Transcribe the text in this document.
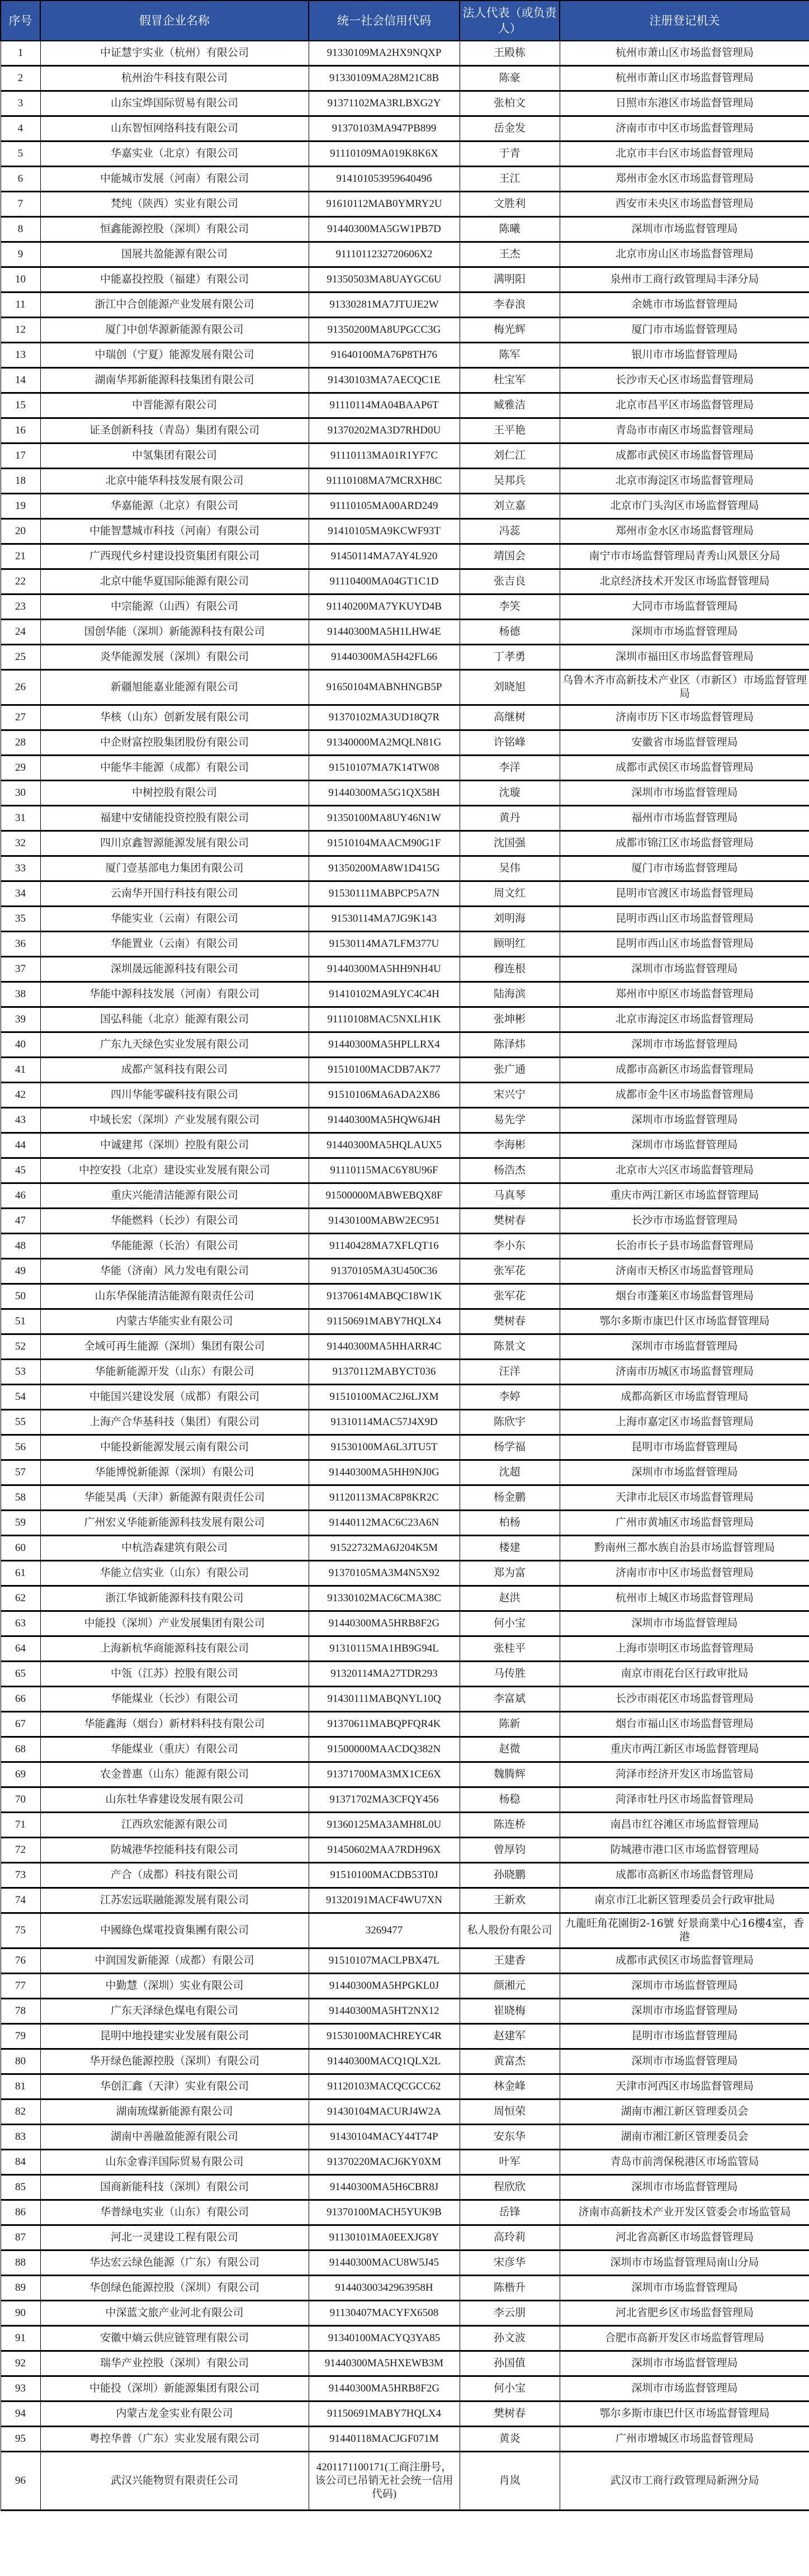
序号	假冒企业名称	统一社会信用代码	法人代表（或负责人）	注册登记机关
1	中证慧宇实业（杭州）有限公司	91330109MA2HX9NQXP	王殿栋	杭州市萧山区市场监督管理局
2	杭州治牛科技有限公司	91330109MA28M21C8B	陈豪	杭州市萧山区市场监督管理局
3	山东宝烨国际贸易有限公司	91371102MA3RLBXG2Y	张柏文	日照市东港区市场监督管理局
4	山东智恒网络科技有限公司	91370103MA947PB899	岳金发	济南市市中区市场监督管理局
5	华嘉实业（北京）有限公司	91110109MA019K8K6X	于青	北京市丰台区市场监督管理局
6	中能城市发展（河南）有限公司	91410105395964049б	王江	郑州市金水区市场监督管理局
7	梵纯（陕西）实业有限公司	91610112MAB0YMRY2U	文胜利	西安市未央区市场监督管理局
8	恒鑫能源控股（深圳）有限公司	91440300MA5GW1PB7D	陈曦	深圳市市场监督管理局
9	国展共盈能源有限公司	9111011232720606X2	王杰	北京市房山区市场监督管理局
10	中能嘉投控股（福建）有限公司	91350503MA8UAYGC6U	满明阳	泉州市工商行政管理局丰泽分局
11	浙江中合创能源产业发展有限公司	91330281MA7JTUJE2W	李春浪	余姚市市场监督管理局
12	厦门中创华源新能源有限公司	91350200MA8UPGCC3G	梅光辉	厦门市市场监督管理局
13	中瑞创（宁夏）能源发展有限公司	91640100MA76P8TH76	陈军	银川市市场监督管理局
14	湖南华邦新能源科技集团有限公司	91430103MA7AECQC1E	杜宝军	长沙市天心区市场监督管理局
15	中晋能源有限公司	91110114MA04BAAP6T	臧雅洁	北京市昌平区市场监督管理局
16	证圣创新科技（青岛）集团有限公司	91370202MA3D7RHD0U	王平艳	青岛市市南区市场监督管理局
17	中氢集团有限公司	91110113MA01R1YF7C	刘仁江	成都市武侯区市场监督管理局
18	北京中能华科技发展有限公司	91110108MA7MCRXH8C	吴邦兵	北京市海淀区市场监督管理局
19	华嘉能源（北京）有限公司	91110105MA00ARD249	刘立嘉	北京市门头沟区市场监督管理局
20	中能智慧城市科技（河南）有限公司	91410105MA9KCWF93T	冯蕊	郑州市金水区市场监督管理局
21	广西现代乡村建设投资集团有限公司	91450114MA7AY4L920	靖国会	南宁市市场监督管理局青秀山风景区分局
22	北京中能华夏国际能源有限公司	91110400MA04GT1C1D	张吉良	北京经济技术开发区市场监督管理局
23	中宗能源（山西）有限公司	91140200MA7YKUYD4B	李笑	大同市市场监督管理局
24	国创华能（深圳）新能源科技有限公司	91440300MA5H1LHW4E	杨德	深圳市市场监督管理局
25	炎华能源发展（深圳）有限公司	91440300MA5H42FL66	丁孝勇	深圳市福田区市场监督管理局
26	新疆旭能嘉业能源有限公司	91650104MABNHNGB5P	刘晓旭	乌鲁木齐市高新技术产业区（市新区）市场监督管理局
27	华核（山东）创新发展有限公司	91370102MA3UD18Q7R	高继树	济南市历下区市场监督管理局
28	中企财富控股集团股份有限公司	91340000MA2MQLN81G	许铭峰	安徽省市场监督管理局
29	中能华丰能源（成都）有限公司	91510107MA7K14TW08	李洋	成都市武侯区市场监督管理局
30	中树控股有限公司	91440300MA5G1QX58H	沈璇	深圳市市场监督管理局
31	福建中安储能投资控股有限公司	91350100MA8UY46N1W	黄丹	福州市市场监督管理局
32	四川京鑫智源能源发展有限公司	91510104MAACM90G1F	沈国强	成都市锦江区市场监督管理局
33	厦门壹基部电力集团有限公司	91350200MA8W1D415G	吴伟	厦门市市场监督管理局
34	云南华开国行科技有限公司	91530111MABPCP5A7N	周文红	昆明市官渡区市场监督管理局
35	华能实业（云南）有限公司	91530114MA7JG9K143	刘明海	昆明市西山区市场监督管理局
36	华能置业（云南）有限公司	91530114MA7LFM377U	顾明红	昆明市西山区市场监督管理局
37	深圳晟远能源科技有限公司	91440300MA5HH9NH4U	穆连根	深圳市市场监督管理局
38	华能中源科技发展（河南）有限公司	91410102MA9LYC4C4H	陆海滨	郑州市中原区市场监督管理局
39	国弘科能（北京）能源有限公司	91110108MAC5NXLH1K	张坤彬	北京市海淀区市场监督管理局
40	广东九天绿色实业发展有限公司	91440300MA5HPLLRX4	陈泽炜	深圳市市场监督管理局
41	成都产氢科技有限公司	91510100MACDB7AK77	张广通	成都市高新区市场监督管理局
42	四川华能零碳科技有限公司	91510106MA6ADA2X86	宋兴宁	成都市金牛区市场监督管理局
43	中域长宏（深圳）产业发展有限公司	91440300MA5HQW6J4H	易先学	深圳市市场监督管理局
44	中诚建邦（深圳）控股有限公司	91440300MA5HQLAUX5	李海彬	深圳市市场监督管理局
45	中控安投（北京）建设实业发展有限公司	91110115MAC6Y8U96F	杨浩杰	北京市大兴区市场监督管理局
46	重庆兴能清洁能源有限公司	91500000MABWEBQX8F	马真琴	重庆市两江新区市场监督管理局
47	华能燃料（长沙）有限公司	91430100MABW2EC951	樊树春	长沙市市场监督管理局
48	华能能源（长治）有限公司	91140428MA7XFLQT16	李小东	长治市长子县市场监督管理局
49	华能（济南）风力发电有限公司	91370105MA3U450C36	张军花	济南市天桥区市场监督管理局
50	山东华保能清洁能源有限责任公司	91370614MABQC18W1K	张军花	烟台市蓬莱区市场监督管理局
51	内蒙古华能实业有限公司	91150691MABY7HQLX4	樊树春	鄂尔多斯市康巴什区市场监督管理局
52	全域可再生能源（深圳）集团有限公司	91440300MA5HHARR4C	陈景文	深圳市市场监督管理局
53	华能新能源开发（山东）有限公司	91370112MABYCT036	汪洋	济南市历城区市场监督管理局
54	中能国兴建设发展（成都）有限公司	91510100MAC2J6LJXM	李婷	成都高新区市场监督管理局
55	上海产合华基科技（集团）有限公司	91310114MAC57J4X9D	陈欣宇	上海市嘉定区市场监督管理局
56	中能投新能源发展云南有限公司	91530100MA6L3JTU5T	杨学福	昆明市市场监督管理局
57	华能博悦新能源（深圳）有限公司	91440300MA5HH9NJ0G	沈超	深圳市市场监督管理局
58	华能昊禹（天津）新能源有限责任公司	91120113MAC8P8KR2C	杨金鹏	天津市北辰区市场监督管理局
59	广州宏义华能新能源科技发展有限公司	91440112MAC6C23A6N	柏杨	广州市黄埔区市场监督管理局
60	中杭浩森建筑有限公司	91522732MA6J204K5M	楼建	黔南州三都水族自治县市场监督管理局
61	华能立信实业（山东）有限公司	91370105MA3M4N5X92	郑为富	济南市市中区市场监督管理局
62	浙江华钺新能源科技有限公司	91330102MAC6CMA38C	赵洪	杭州市上城区市场监督管理局
63	中能投（深圳）产业发展集团有限公司	91440300MA5HRB8F2G	何小宝	深圳市市场监督管理局
64	上海新杭华商能源科技有限公司	91310115MA1HB9G94L	张桂平	上海市崇明区市场监督管理局
65	中瓴（江苏）控股有限公司	91320114MA27TDR293	马传胜	南京市雨花台区行政审批局
66	华能煤业（长沙）有限公司	91430111MABQNYL10Q	李富斌	长沙市雨花区市场监督管理局
67	华能鑫海（烟台）新材料科技有限公司	91370611MABQPFQR4K	陈新	烟台市福山区市场监督管理局
68	华能煤业（重庆）有限公司	91500000MAACDQ382N	赵微	重庆市两江新区市场监督管理局
69	农金普惠（山东）能源有限公司	91371700MA3MX1CE6X	魏腾辉	菏泽市经济开发区市场监管局
70	山东牡华睿建设发展有限公司	91371702MA3CFQY456	杨稳	菏泽市牡丹区市场监督管理局
71	江西玖宏能源有限公司	91360125MA3AMH8L0U	陈连桥	南昌市红谷滩区市场监督管理局
72	防城港华控能科技有限公司	91450602MAA7RDH96X	曾厚钧	防城港市港口区市场监督管理局
73	产合（成都）科技有限公司	91510100MACDB53T0J	孙晓鹏	成都市高新区市场监督管理局
74	江苏宏远联融能源发展有限公司	91320191MACF4WU7XN	王新欢	南京市江北新区管理委员会行政审批局
75	中國綠色煤電投資集團有限公司	3269477	私人股份有限公司	九龍旺角花園街2-16號 好景商業中心16樓4室，香港
76	中润国发新能源（成都）有限公司	91510107MACLPBX47L	王建香	成都市武侯区市场监督管理局
77	中勤慧（深圳）实业有限公司	91440300MA5HPGKL0J	颜湘元	深圳市市场监督管理局
78	广东天泽绿色煤电有限公司	91440300MA5HT2NX12	崔晓梅	深圳市市场监督管理局
79	昆明中地投建实业发展有限公司	91530100MACHREYC4R	赵建军	昆明市市场监督管理局
80	华开绿色能源控股（深圳）有限公司	91440300MACQ1QLX2L	黄富杰	深圳市市场监督管理局
81	华创汇鑫（天津）实业有限公司	91120103MACQCGCC62	林金峰	天津市河西区市场监督管理局
82	湖南琉煤新能源有限公司	91430104MACURJ4W2A	周恒荣	湖南市湘江新区管理委员会
83	湖南中善融盈能源有限公司	91430104MACY44T74P	安东华	湖南市湘江新区管理委员会
84	山东金睿洋国际贸易有限公司	91370220MACJ6KY0XM	叶军	青岛市前湾保税港区市场监管局
85	国商新能科技（深圳）有限公司	91440300MA5H6CBR8J	程欣欣	深圳市市场监督管理局
86	华普绿电实业（山东）有限公司	91370100MACH5YUK9B	岳锋	济南市高新技术产业开发区管委会市场监管局
87	河北一灵建设工程有限公司	91130101MA0EEXJG8Y	高玲莉	河北省高新区市场监督管理局
88	华达宏云绿色能源（广东）有限公司	91440300MACU8W5J45	宋彦华	深圳市市场监督管理局南山分局
89	华创绿色能源控股（深圳）有限公司	91440300342963958H	陈楷升	深圳市市场监督管理局
90	中深蓝文旅产业河北有限公司	91130407MACYFX6508	李云朋	河北省肥乡区市场监督管理局
91	安徽中熵云供应链管理有限公司	91340100MACYQ3YA85	孙文波	合肥市高新开发区市场监督管理局
92	瑞华产业控股（深圳）有限公司	91440300MA5HXEWB3M	孙国值	深圳市市场监督管理局
93	中能投（深圳）新能源集团有限公司	91440300MA5HRB8F2G	何小宝	深圳市市场监督管理局
94	内蒙古龙金实业有限公司	91150691MABY7HQLX4	樊树春	鄂尔多斯市康巴什区市场监督管理局
95	粤控华普（广东）实业发展有限公司	91440118MACJGF071M	黄炎	广州市增城区市场监督管理局
96	武汉兴能物贸有限责任公司	4201171100171(工商注册号，该公司已吊销无社会统一信用代码)	肖岚	武汉市工商行政管理局新洲分局
